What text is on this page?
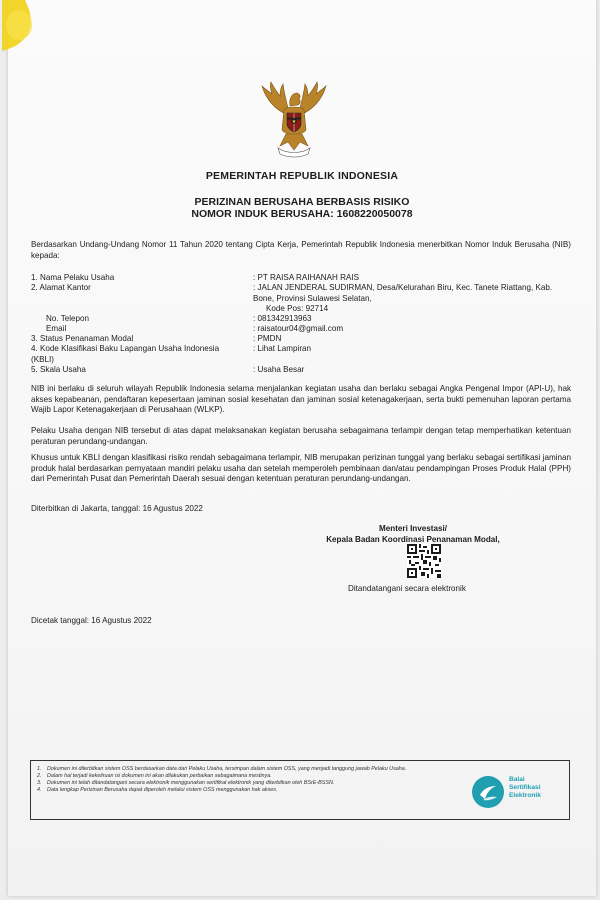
PEMERINTAH REPUBLIK INDONESIA
PERIZINAN BERUSAHA BERBASIS RISIKO
NOMOR INDUK BERUSAHA: 1608220050078
Berdasarkan Undang-Undang Nomor 11 Tahun 2020 tentang Cipta Kerja, Pemerintah Republik Indonesia menerbitkan Nomor Induk Berusaha (NIB) kepada:
1. Nama Pelaku Usaha	: PT RAISA RAIHANAH RAIS
2. Alamat Kantor	: JALAN JENDERAL SUDIRMAN, Desa/Kelurahan Biru, Kec. Tanete Riattang, Kab. Bone, Provinsi Sulawesi Selatan,
Kode Pos: 92714
No. Telepon	: 081342913963
Email	: raisatour04@gmail.com
3. Status Penanaman Modal	: PMDN
4. Kode Klasifikasi Baku Lapangan Usaha Indonesia (KBLI)
: Lihat Lampiran
5. Skala Usaha	: Usaha Besar
NIB ini berlaku di seluruh wilayah Republik Indonesia selama menjalankan kegiatan usaha dan berlaku sebagai Angka Pengenal Impor (API-U), hak akses kepabeanan, pendaftaran kepesertaan jaminan sosial kesehatan dan jaminan sosial ketenagakerjaan, serta bukti pemenuhan laporan pertama Wajib Lapor Ketenagakerjaan di Perusahaan (WLKP).
Pelaku Usaha dengan NIB tersebut di atas dapat melaksanakan kegiatan berusaha sebagaimana terlampir dengan tetap memperhatikan ketentuan peraturan perundang-undangan.
Khusus untuk KBLI dengan klasifikasi risiko rendah sebagaimana terlampir, NIB merupakan perizinan tunggal yang berlaku sebagai sertifikasi jaminan produk halal berdasarkan pernyataan mandiri pelaku usaha dan setelah memperoleh pembinaan dan/atau pendampingan Proses Produk Halal (PPH) dari Pemerintah Pusat dan Pemerintah Daerah sesuai dengan ketentuan peraturan perundang-undangan.
Diterbitkan di Jakarta, tanggal: 16 Agustus 2022
Menteri Investasi/
Kepala Badan Koordinasi Penanaman Modal,
Ditandatangani secara elektronik
Dicetak tanggal: 16 Agustus 2022
1.	Dokumen ini diterbitkan sistem OSS berdasarkan data dari Pelaku Usaha, tersimpan dalam sistem OSS, yang menjadi tanggung jawab Pelaku Usaha.
2.	Dalam hal terjadi kekeliruan isi dokumen ini akan dilakukan perbaikan sebagaimana mestinya.
3.	Dokumen ini telah ditandatangani secara elektronik menggunakan sertifikat elektronik yang diterbitkan oleh BSrE-BSSN.
4.	Data lengkap Perizinan Berusaha dapat diperoleh melalui sistem OSS menggunakan hak akses.
Balai
Sertifikasi
Elektronik
